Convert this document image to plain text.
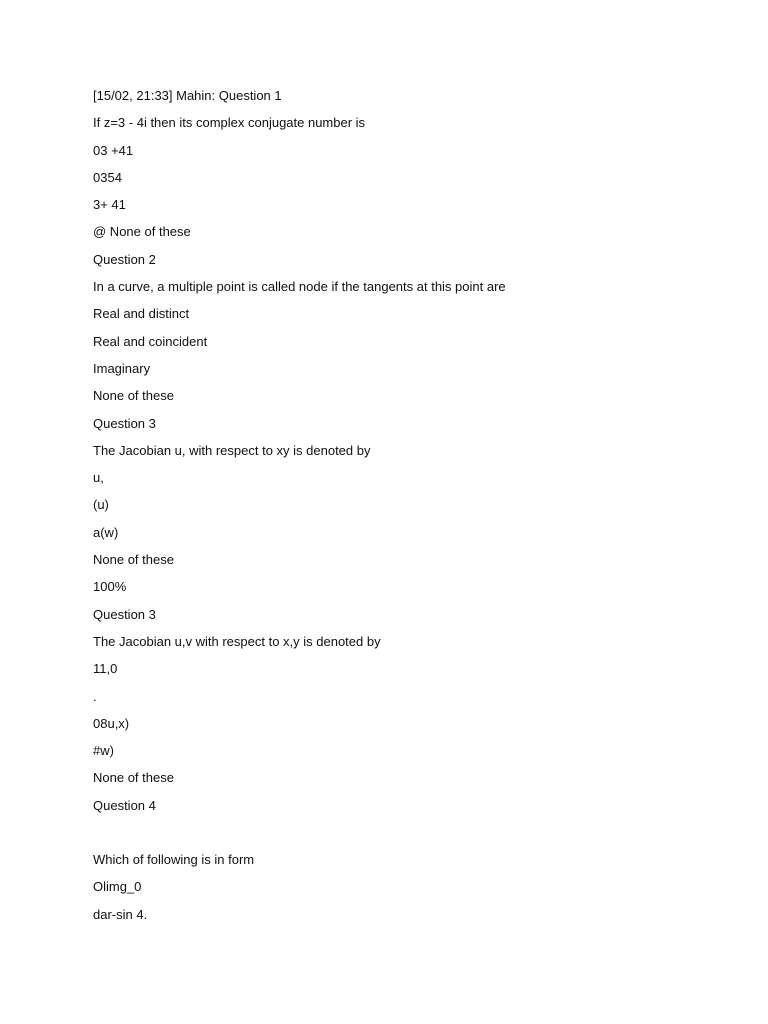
[15/02, 21:33] Mahin: Question 1
If z=3 - 4i then its complex conjugate number is
03 +41
0354
3+ 41
@ None of these
Question 2
In a curve, a multiple point is called node if the tangents at this point are
Real and distinct
Real and coincident
Imaginary
None of these
Question 3
The Jacobian u, with respect to xy is denoted by
u,
(u)
a(w)
None of these
100%
Question 3
The Jacobian u,v with respect to x,y is denoted by
11,0
.
08u,x)
#w)
None of these
Question 4
Which of following is in form
Olimg_0
dar-sin 4.
